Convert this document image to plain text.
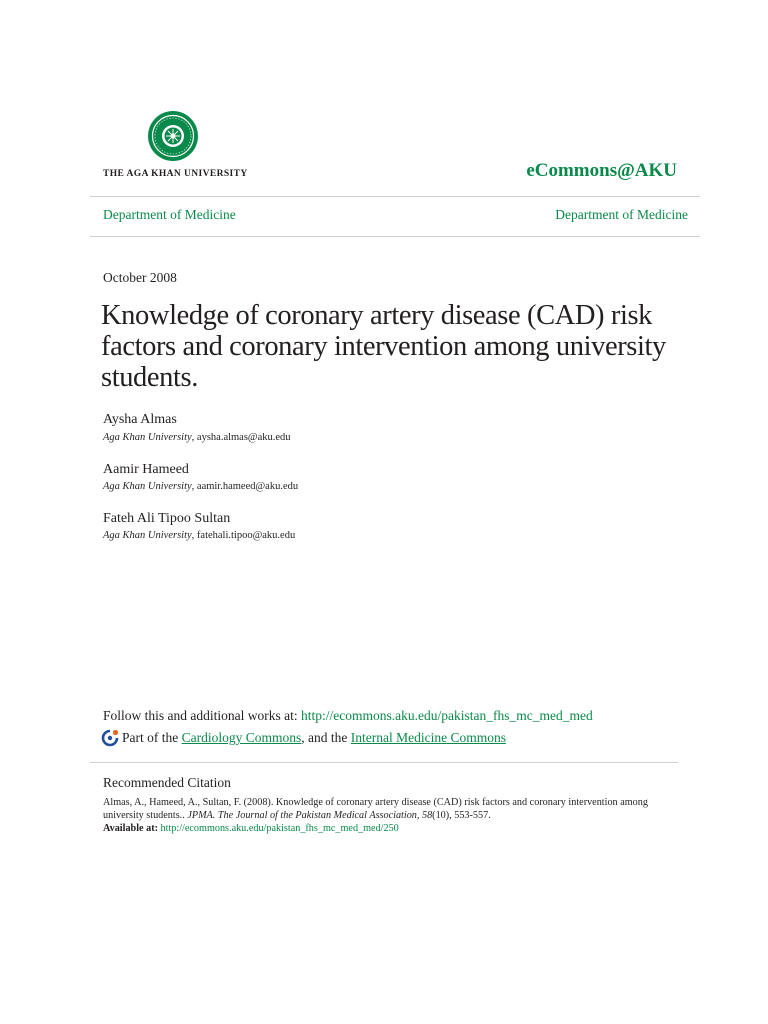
THE AGA KHAN UNIVERSITY	eCommons@AKU
Department of Medicine	Department of Medicine
October 2008
Knowledge of coronary artery disease (CAD) risk factors and coronary intervention among university students.
Aysha Almas
Aga Khan University, aysha.almas@aku.edu
Aamir Hameed
Aga Khan University, aamir.hameed@aku.edu
Fateh Ali Tipoo Sultan
Aga Khan University, fatehali.tipoo@aku.edu
Follow this and additional works at: http://ecommons.aku.edu/pakistan_fhs_mc_med_med
Part of the Cardiology Commons , and the Internal Medicine Commons
Recommended Citation
Almas, A., Hameed, A., Sultan, F. (2008). Knowledge of coronary artery disease (CAD) risk factors and coronary intervention among university students.. JPMA. The Journal of the Pakistan Medical Association, 58(10), 553-557.
Available at: http://ecommons.aku.edu/pakistan_fhs_mc_med_med/250
